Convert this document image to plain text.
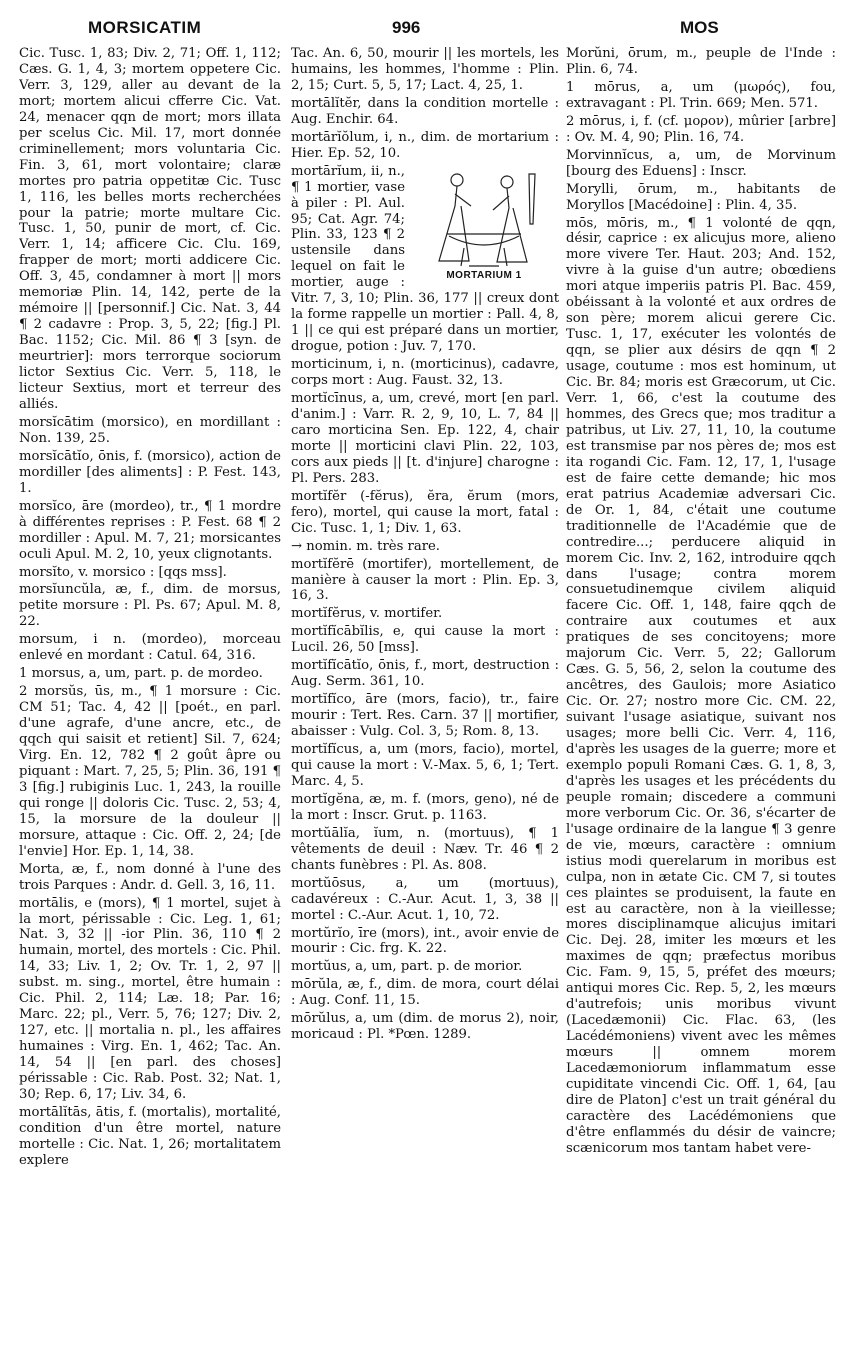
MORSICATIM	996	MOS

Cic. Tusc. 1, 83; Div. 2, 71; Off. 1, 112; Cæs. G. 1, 4, 3; mortem oppetere Cic. Verr. 3, 129, aller au devant de la mort; mortem alicui cfferre Cic. Vat. 24, menacer qqn de mort; mors illata per scelus Cic. Mil. 17, mort donnée criminellement; mors voluntaria Cic. Fin. 3, 61, mort volontaire; claræ mortes pro patria oppetitæ Cic. Tusc 1, 116, les belles morts recherchées pour la patrie; morte multare Cic. Tusc. 1, 50, punir de mort, cf. Cic. Verr. 1, 14; afficere Cic. Clu. 169, frapper de mort; morti addicere Cic. Off. 3, 45, condamner à mort || mors memoriæ Plin. 14, 142, perte de la mémoire || [personnif.] Cic. Nat. 3, 44 ¶ 2 cadavre : Prop. 3, 5, 22; [fig.] Pl. Bac. 1152; Cic. Mil. 86 ¶ 3 [syn. de meurtrier]: mors terrorque sociorum lictor Sextius Cic. Verr. 5, 118, le licteur Sextius, mort et terreur des alliés.

morsĭcātim (morsico), en mordillant : Non. 139, 25.

morsĭcātĭo, ōnis, f. (morsico), action de mordiller [des aliments] : P. Fest. 143, 1.

morsĭco, āre (mordeo), tr., ¶ 1 mordre à différentes reprises : P. Fest. 68 ¶ 2 mordiller : Apul. M. 7, 21; morsicantes oculi Apul. M. 2, 10, yeux clignotants.

morsĭto, v. morsico : [qqs mss].

morsĭuncŭla, æ, f., dim. de morsus, petite morsure : Pl. Ps. 67; Apul. M. 8, 22.

morsum, i n. (mordeo), morceau enlevé en mordant : Catul. 64, 316.

1 morsus, a, um, part. p. de mordeo.

2 morsŭs, ūs, m., ¶ 1 morsure : Cic. CM 51; Tac. 4, 42 || [poét., en parl. d'une agrafe, d'une ancre, etc., de qqch qui saisit et retient] Sil. 7, 624; Virg. En. 12, 782 ¶ 2 goût âpre ou piquant : Mart. 7, 25, 5; Plin. 36, 191 ¶ 3 [fig.] rubiginis Luc. 1, 243, la rouille qui ronge || doloris Cic. Tusc. 2, 53; 4, 15, la morsure de la douleur || morsure, attaque : Cic. Off. 2, 24; [de l'envie] Hor. Ep. 1, 14, 38.

Morta, æ, f., nom donné à l'une des trois Parques : Andr. d. Gell. 3, 16, 11.

mortālis, e (mors), ¶ 1 mortel, sujet à la mort, périssable : Cic. Leg. 1, 61; Nat. 3, 32 || -ior Plin. 36, 110 ¶ 2 humain, mortel, des mortels : Cic. Phil. 14, 33; Liv. 1, 2; Ov. Tr. 1, 2, 97 || subst. m. sing., mortel, être humain : Cic. Phil. 2, 114; Læ. 18; Par. 16; Marc. 22; pl., Verr. 5, 76; 127; Div. 2, 127, etc. || mortalia n. pl., les affaires humaines : Virg. En. 1, 462; Tac. An. 14, 54 || [en parl. des choses] périssable : Cic. Rab. Post. 32; Nat. 1, 30; Rep. 6, 17; Liv. 34, 6.

mortālĭtās, ātis, f. (mortalis), mortalité, condition d'un être mortel, nature mortelle : Cic. Nat. 1, 26; mortalitatem explere

Tac. An. 6, 50, mourir || les mortels, les humains, les hommes, l'homme : Plin. 2, 15; Curt. 5, 5, 17; Lact. 4, 25, 1.

mortālĭtĕr, dans la condition mortelle : Aug. Enchir. 64.

mortārĭŏlum, i, n., dim. de mortarium : Hier. Ep. 52, 10.

MORTARIUM 1

mortārĭum, ii, n., ¶ 1 mortier, vase à piler : Pl. Aul. 95; Cat. Agr. 74; Plin. 33, 123 ¶ 2 ustensile dans lequel on fait le mortier, auge : Vitr. 7, 3, 10; Plin. 36, 177 || creux dont la forme rappelle un mortier : Pall. 4, 8, 1 || ce qui est préparé dans un mortier, drogue, potion : Juv. 7, 170.

morticinum, i, n. (morticinus), cadavre, corps mort : Aug. Faust. 32, 13.

mortĭcīnus, a, um, crevé, mort [en parl. d'anim.] : Varr. R. 2, 9, 10, L. 7, 84 || caro morticina Sen. Ep. 122, 4, chair morte || morticini clavi Plin. 22, 103, cors aux pieds || [t. d'injure] charogne : Pl. Pers. 283.

mortĭfĕr (-fĕrus), ĕra, ĕrum (mors, fero), mortel, qui cause la mort, fatal : Cic. Tusc. 1, 1; Div. 1, 63.

→ nomin. m. très rare.

mortĭfĕrē (mortifer), mortellement, de manière à causer la mort : Plin. Ep. 3, 16, 3.

mortĭfĕrus, v. mortifer.

mortĭfĭcābĭlis, e, qui cause la mort : Lucil. 26, 50 [mss].

mortĭfĭcātĭo, ōnis, f., mort, destruction : Aug. Serm. 361, 10.

mortĭfĭco, āre (mors, facio), tr., faire mourir : Tert. Res. Carn. 37 || mortifier, abaisser : Vulg. Col. 3, 5; Rom. 8, 13.

mortĭfĭcus, a, um (mors, facio), mortel, qui cause la mort : V.-Max. 5, 6, 1; Tert. Marc. 4, 5.

mortĭgĕna, æ, m. f. (mors, geno), né de la mort : Inscr. Grut. p. 1163.

mortŭālĭa, ĭum, n. (mortuus), ¶ 1 vêtements de deuil : Næv. Tr. 46 ¶ 2 chants funèbres : Pl. As. 808.

mortŭōsus, a, um (mortuus), cadavéreux : C.-Aur. Acut. 1, 3, 38 || mortel : C.-Aur. Acut. 1, 10, 72.

mortŭrĭo, īre (mors), int., avoir envie de mourir : Cic. frg. K. 22.

mortŭus, a, um, part. p. de morior.

mōrŭla, æ, f., dim. de mora, court délai : Aug. Conf. 11, 15.

mōrŭlus, a, um (dim. de morus 2), noir, moricaud : Pl. *Pœn. 1289.

Morŭni, ōrum, m., peuple de l'Inde : Plin. 6, 74.

1 mōrus, a, um (μωρός), fou, extravagant : Pl. Trin. 669; Men. 571.

2 mōrus, i, f. (cf. μορον), mûrier [arbre] : Ov. M. 4, 90; Plin. 16, 74.

Morvinnĭcus, a, um, de Morvinum [bourg des Eduens] : Inscr.

Morylli, ōrum, m., habitants de Moryllos [Macédoine] : Plin. 4, 35.

mōs, mōris, m., ¶ 1 volonté de qqn, désir, caprice : ex alicujus more, alieno more vivere Ter. Haut. 203; And. 152, vivre à la guise d'un autre; obœdiens mori atque imperiis patris Pl. Bac. 459, obéissant à la volonté et aux ordres de son père; morem alicui gerere Cic. Tusc. 1, 17, exécuter les volontés de qqn, se plier aux désirs de qqn ¶ 2 usage, coutume : mos est hominum, ut Cic. Br. 84; moris est Græcorum, ut Cic. Verr. 1, 66, c'est la coutume des hommes, des Grecs que; mos traditur a patribus, ut Liv. 27, 11, 10, la coutume est transmise par nos pères de; mos est ita rogandi Cic. Fam. 12, 17, 1, l'usage est de faire cette demande; hic mos erat patrius Academiæ adversari Cic. de Or. 1, 84, c'était une coutume traditionnelle de l'Académie que de contredire...; perducere aliquid in morem Cic. Inv. 2, 162, introduire qqch dans l'usage; contra morem consuetudinemque civilem aliquid facere Cic. Off. 1, 148, faire qqch de contraire aux coutumes et aux pratiques de ses concitoyens; more majorum Cic. Verr. 5, 22; Gallorum Cæs. G. 5, 56, 2, selon la coutume des ancêtres, des Gaulois; more Asiatico Cic. Or. 27; nostro more Cic. CM. 22, suivant l'usage asiatique, suivant nos usages; more belli Cic. Verr. 4, 116, d'après les usages de la guerre; more et exemplo populi Romani Cæs. G. 1, 8, 3, d'après les usages et les précédents du peuple romain; discedere a communi more verborum Cic. Or. 36, s'écarter de l'usage ordinaire de la langue ¶ 3 genre de vie, mœurs, caractère : omnium istius modi querelarum in moribus est culpa, non in ætate Cic. CM 7, si toutes ces plaintes se produisent, la faute en est au caractère, non à la vieillesse; mores disciplinamque alicujus imitari Cic. Dej. 28, imiter les mœurs et les maximes de qqn; præfectus moribus Cic. Fam. 9, 15, 5, préfet des mœurs; antiqui mores Cic. Rep. 5, 2, les mœurs d'autrefois; unis moribus vivunt (Lacedæmonii) Cic. Flac. 63, (les Lacédémoniens) vivent avec les mêmes mœurs || omnem morem Lacedæmoniorum inflammatum esse cupiditate vincendi Cic. Off. 1, 64, [au dire de Platon] c'est un trait général du caractère des Lacédémoniens que d'être enflammés du désir de vaincre; scænicorum mos tantam habet vere-
